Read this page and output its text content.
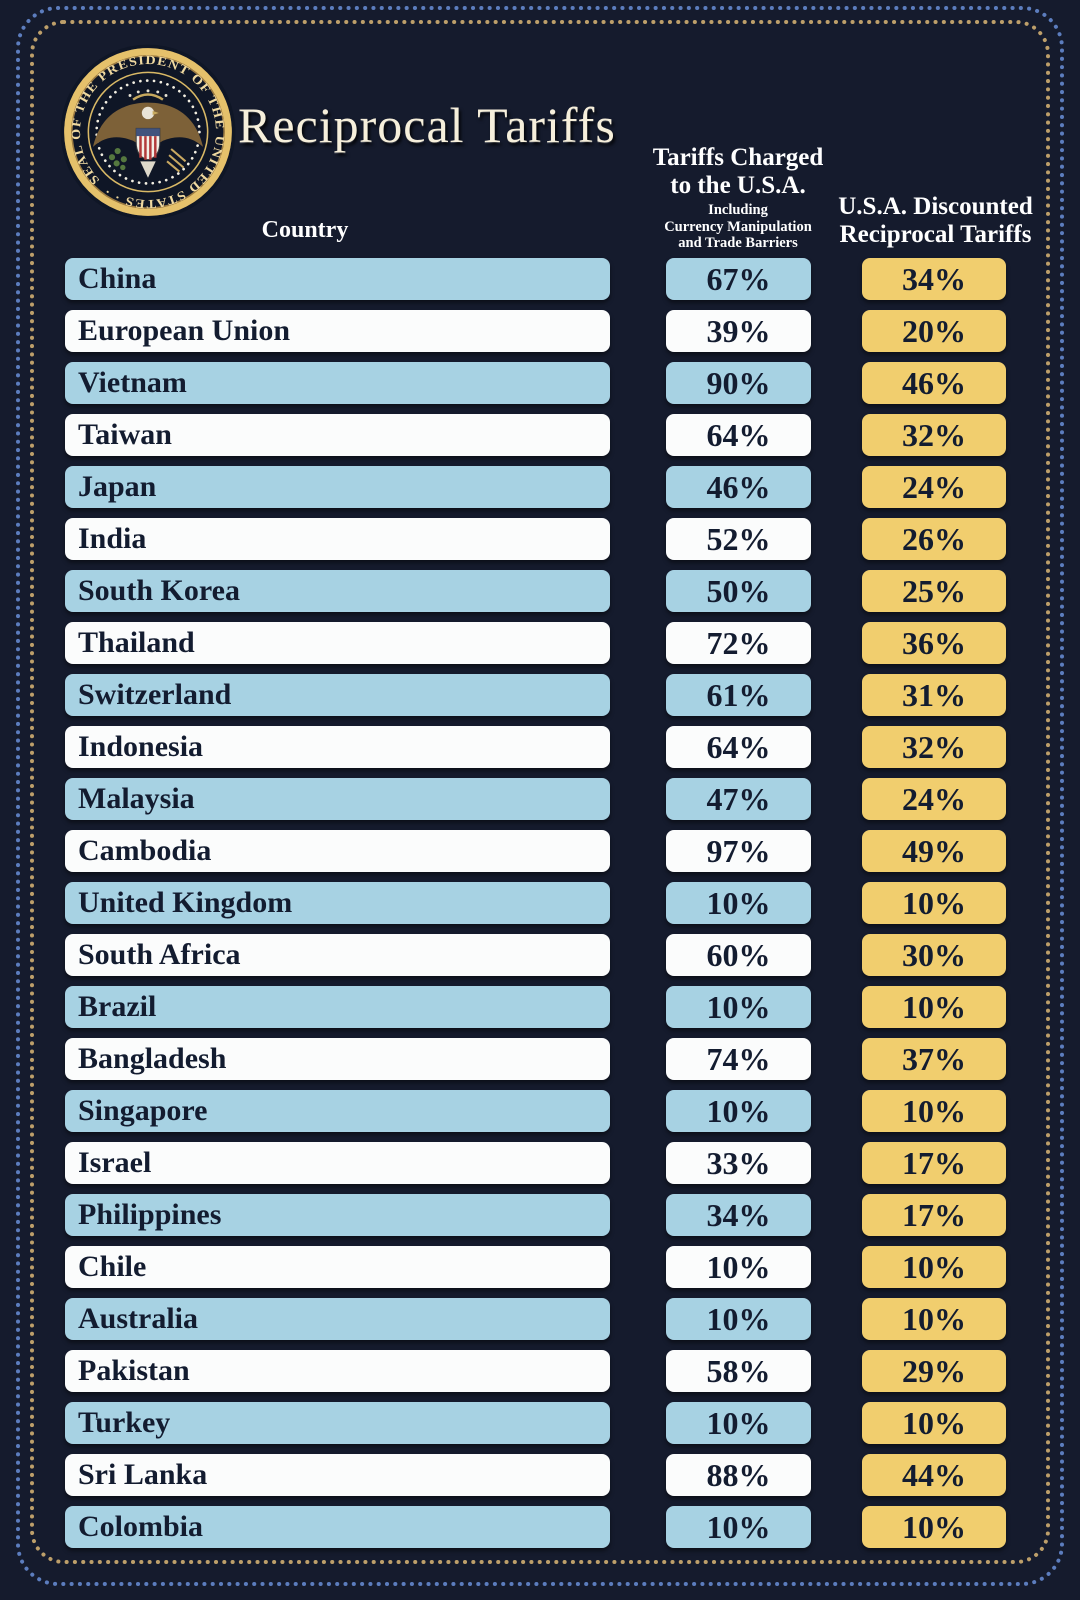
SEAL OF THE PRESIDENT OF THE UNITED STATES · ·
Reciprocal Tariffs
Country
Tariffs Charged
to the U.S.A.
Including
Currency Manipulation
and Trade Barriers
U.S.A. Discounted
Reciprocal Tariffs
China	67%	34%
European Union	39%	20%
Vietnam	90%	46%
Taiwan	64%	32%
Japan	46%	24%
India	52%	26%
South Korea	50%	25%
Thailand	72%	36%
Switzerland	61%	31%
Indonesia	64%	32%
Malaysia	47%	24%
Cambodia	97%	49%
United Kingdom	10%	10%
South Africa	60%	30%
Brazil	10%	10%
Bangladesh	74%	37%
Singapore	10%	10%
Israel	33%	17%
Philippines	34%	17%
Chile	10%	10%
Australia	10%	10%
Pakistan	58%	29%
Turkey	10%	10%
Sri Lanka	88%	44%
Colombia	10%	10%
